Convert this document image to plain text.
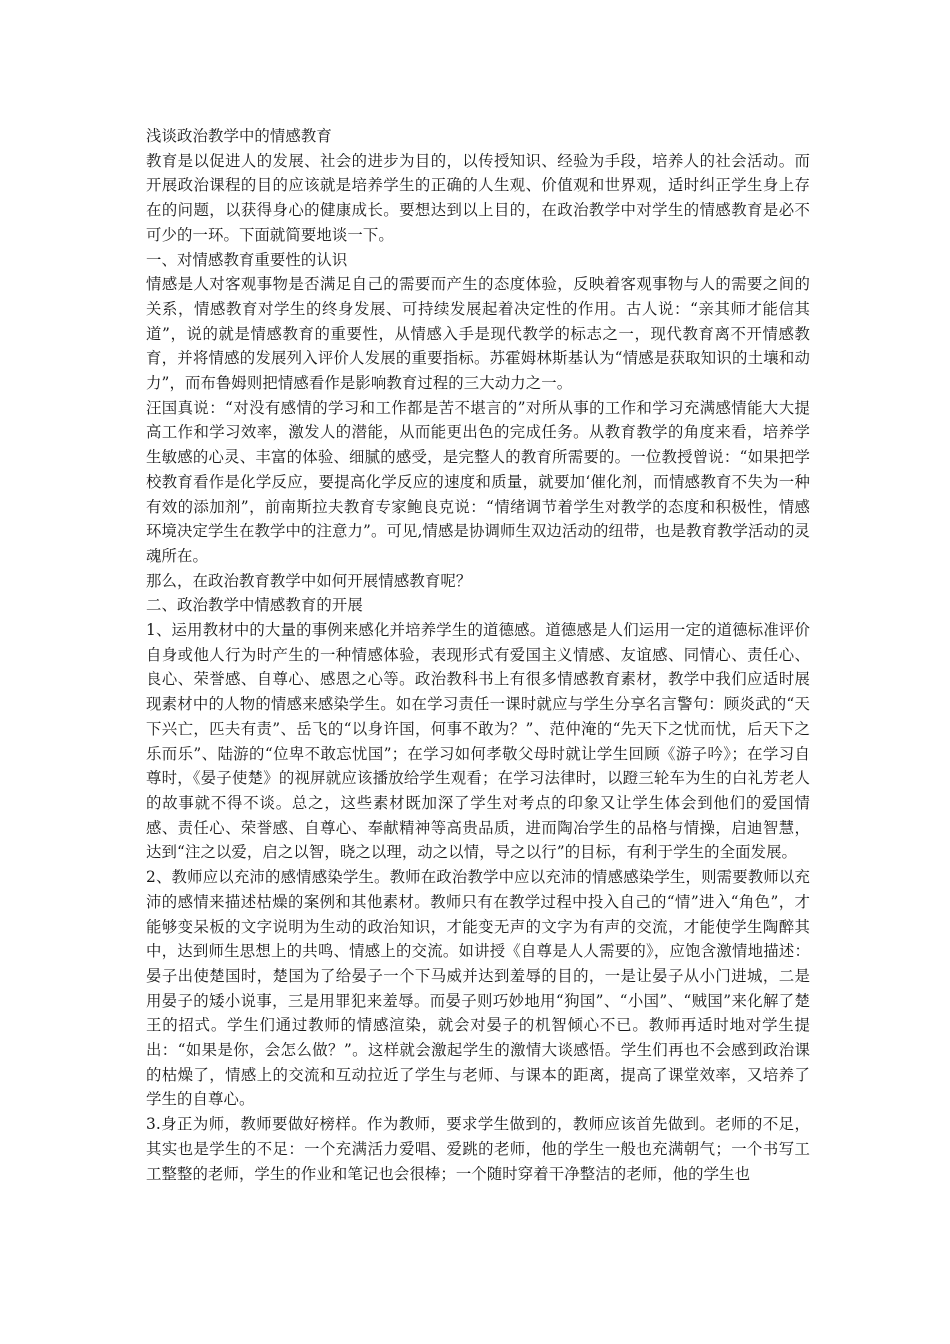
浅谈政治教学中的情感教育

教育是以促进人的发展、社会的进步为目的，以传授知识、经验为手段，培养人的社会活动。而开展政治课程的目的应该就是培养学生的正确的人生观、价值观和世界观，适时纠正学生身上存在的问题，以获得身心的健康成长。要想达到以上目的，在政治教学中对学生的情感教育是必不可少的一环。下面就简要地谈一下。

一、对情感教育重要性的认识

情感是人对客观事物是否满足自己的需要而产生的态度体验，反映着客观事物与人的需要之间的关系，情感教育对学生的终身发展、可持续发展起着决定性的作用。古人说：“亲其师才能信其道”，说的就是情感教育的重要性，从情感入手是现代教学的标志之一，现代教育离不开情感教育，并将情感的发展列入评价人发展的重要指标。苏霍姆林斯基认为“情感是获取知识的土壤和动力”，而布鲁姆则把情感看作是影响教育过程的三大动力之一。

汪国真说：“对没有感情的学习和工作都是苦不堪言的”对所从事的工作和学习充满感情能大大提高工作和学习效率，激发人的潜能，从而能更出色的完成任务。从教育教学的角度来看，培养学生敏感的心灵、丰富的体验、细腻的感受，是完整人的教育所需要的。一位教授曾说：“如果把学校教育看作是化学反应，要提高化学反应的速度和质量，就要加‘催化剂，而情感教育不失为一种有效的添加剂”，前南斯拉夫教育专家鲍良克说：“情绪调节着学生对教学的态度和积极性，情感环境决定学生在教学中的注意力”。可见,情感是协调师生双边活动的纽带，也是教育教学活动的灵魂所在。

那么，在政治教育教学中如何开展情感教育呢？

二、政治教学中情感教育的开展

1、运用教材中的大量的事例来感化并培养学生的道德感。道德感是人们运用一定的道德标准评价自身或他人行为时产生的一种情感体验，表现形式有爱国主义情感、友谊感、同情心、责任心、良心、荣誉感、自尊心、感恩之心等。政治教科书上有很多情感教育素材，教学中我们应适时展现素材中的人物的情感来感染学生。如在学习责任一课时就应与学生分享名言警句：顾炎武的“天下兴亡，匹夫有责”、岳飞的“以身许国，何事不敢为？”、范仲淹的“先天下之忧而忧，后天下之乐而乐”、陆游的“位卑不敢忘忧国”；在学习如何孝敬父母时就让学生回顾《游子吟》；在学习自尊时，《晏子使楚》的视屏就应该播放给学生观看；在学习法律时，以蹬三轮车为生的白礼芳老人的故事就不得不谈。总之，这些素材既加深了学生对考点的印象又让学生体会到他们的爱国情感、责任心、荣誉感、自尊心、奉献精神等高贵品质，进而陶冶学生的品格与情操，启迪智慧，达到“注之以爱，启之以智，晓之以理，动之以情，导之以行”的目标，有利于学生的全面发展。

2、教师应以充沛的感情感染学生。教师在政治教学中应以充沛的情感感染学生，则需要教师以充沛的感情来描述枯燥的案例和其他素材。教师只有在教学过程中投入自己的“情”进入“角色”，才能够变呆板的文字说明为生动的政治知识，才能变无声的文字为有声的交流，才能使学生陶醉其中，达到师生思想上的共鸣、情感上的交流。如讲授《自尊是人人需要的》，应饱含激情地描述：晏子出使楚国时，楚国为了给晏子一个下马威并达到羞辱的目的，一是让晏子从小门进城，二是用晏子的矮小说事，三是用罪犯来羞辱。而晏子则巧妙地用“狗国”、“小国”、“贼国”来化解了楚王的招式。学生们通过教师的情感渲染，就会对晏子的机智倾心不已。教师再适时地对学生提出：“如果是你，会怎么做？”。这样就会激起学生的激情大谈感悟。学生们再也不会感到政治课的枯燥了，情感上的交流和互动拉近了学生与老师、与课本的距离，提高了课堂效率，又培养了学生的自尊心。

3.身正为师，教师要做好榜样。作为教师，要求学生做到的，教师应该首先做到。老师的不足，其实也是学生的不足：一个充满活力爱唱、爱跳的老师，他的学生一般也充满朝气；一个书写工工整整的老师，学生的作业和笔记也会很棒；一个随时穿着干净整洁的老师，他的学生也
